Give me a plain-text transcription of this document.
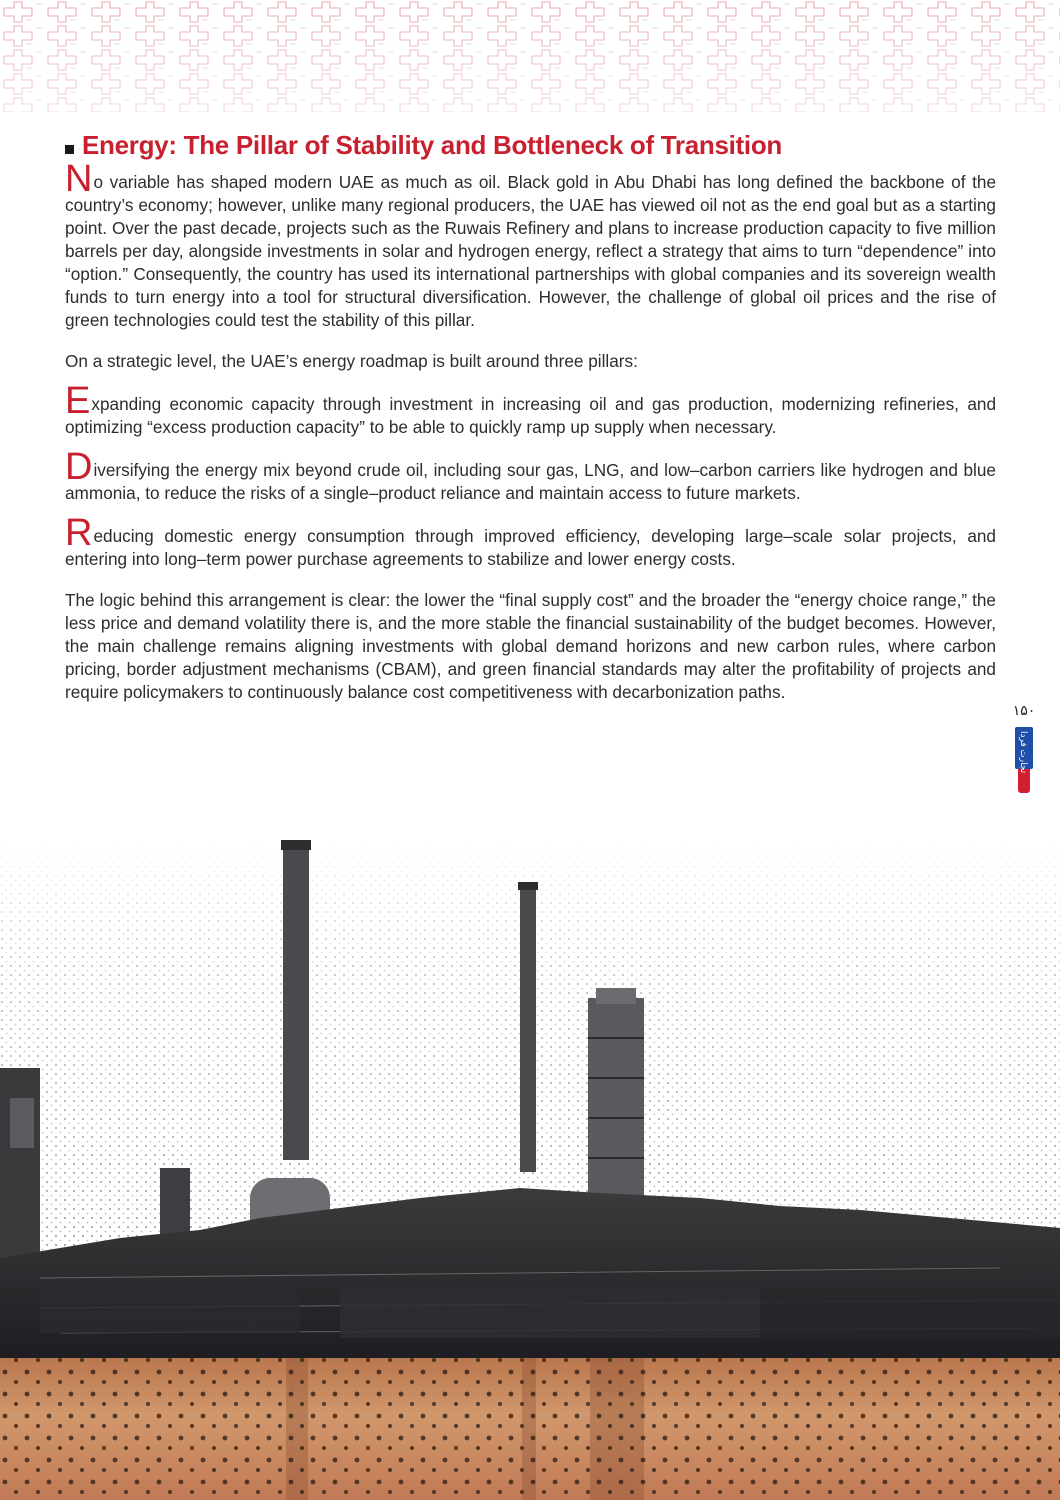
Energy: The Pillar of Stability and Bottleneck of Transition

No variable has shaped modern UAE as much as oil. Black gold in Abu Dhabi has long defined the backbone of the country’s economy; however, unlike many regional producers, the UAE has viewed oil not as the end goal but as a starting point. Over the past decade, projects such as the Ruwais Refinery and plans to increase production capacity to five million barrels per day, alongside investments in solar and hydrogen energy, reflect a strategy that aims to turn “dependence” into “option.” Consequently, the country has used its international partnerships with global companies and its sovereign wealth funds to turn energy into a tool for structural diversification. However, the challenge of global oil prices and the rise of green technologies could test the stability of this pillar.

On a strategic level, the UAE’s energy roadmap is built around three pillars:

Expanding economic capacity through investment in increasing oil and gas production, modernizing refineries, and optimizing “excess production capacity” to be able to quickly ramp up supply when necessary.

Diversifying the energy mix beyond crude oil, including sour gas, LNG, and low–carbon carriers like hydrogen and blue ammonia, to reduce the risks of a single–product reliance and maintain access to future markets.

Reducing domestic energy consumption through improved efficiency, developing large–scale solar projects, and entering into long–term power purchase agreements to stabilize and lower energy costs.

The logic behind this arrangement is clear: the lower the “final supply cost” and the broader the “energy choice range,” the less price and demand volatility there is, and the more stable the financial sustainability of the budget becomes. However, the main challenge remains aligning investments with global demand horizons and new carbon rules, where carbon pricing, border adjustment mechanisms (CBAM), and green financial standards may alter the profitability of projects and require policymakers to continuously balance cost competitiveness with decarbonization paths.

۱۵۰
تجارت فردا
